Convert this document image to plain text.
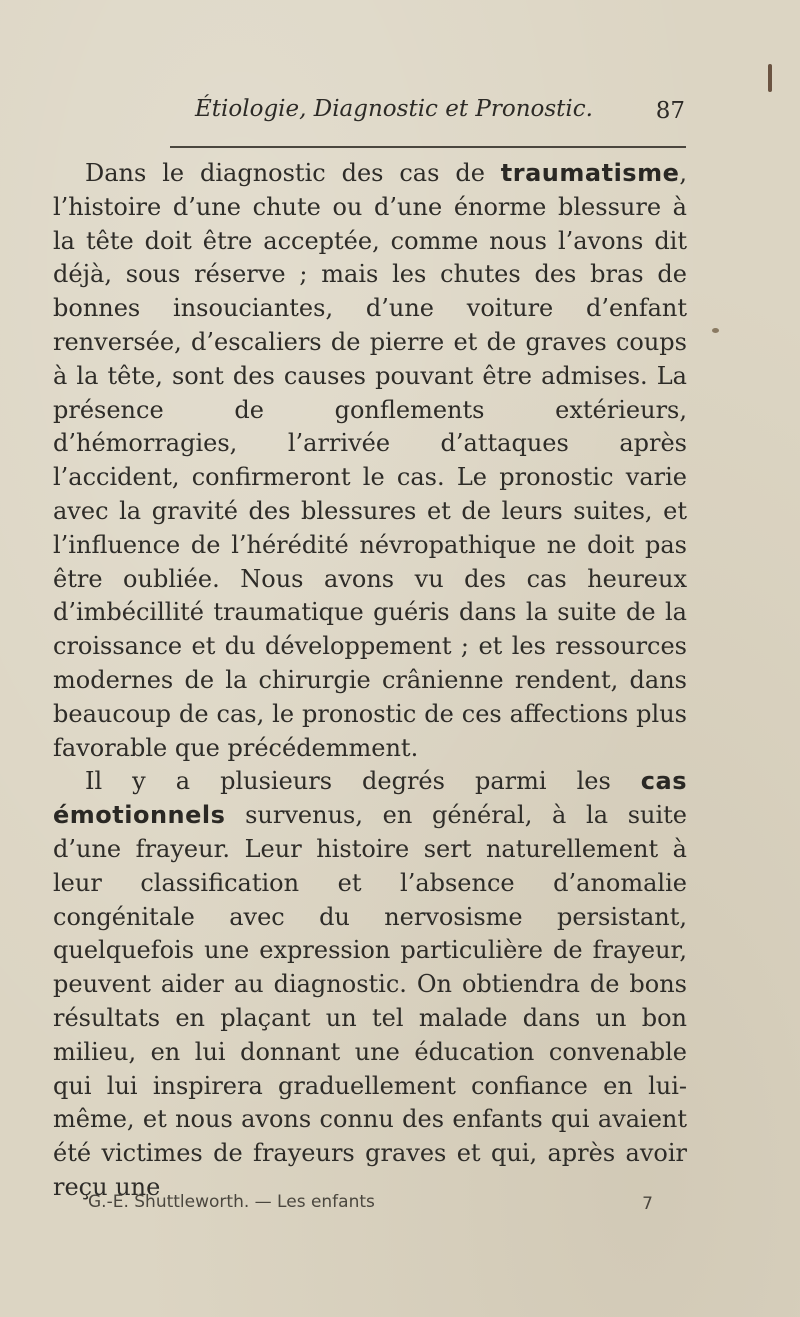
Étiologie, Diagnostic et Pronostic.	87

Dans le diagnostic des cas de traumatisme, l’histoire d’une chute ou d’une énorme blessure à la tête doit être acceptée, comme nous l’avons dit déjà, sous réserve ; mais les chutes des bras de bonnes insouciantes, d’une voiture d’enfant renversée, d’escaliers de pierre et de graves coups à la tête, sont des causes pouvant être admises. La présence de gonflements extérieurs, d’hémorragies, l’arrivée d’attaques après l’accident, confirmeront le cas. Le pronostic varie avec la gravité des blessures et de leurs suites, et l’influence de l’hérédité névropathique ne doit pas être oubliée. Nous avons vu des cas heureux d’imbécillité traumatique guéris dans la suite de la croissance et du développement ; et les ressources modernes de la chirurgie crânienne rendent, dans beaucoup de cas, le pronostic de ces affections plus favorable que précédemment.

Il y a plusieurs degrés parmi les cas émotionnels survenus, en général, à la suite d’une frayeur. Leur histoire sert naturellement à leur classification et l’absence d’anomalie congénitale avec du nervosisme persistant, quelquefois une expression particulière de frayeur, peuvent aider au diagnostic. On obtiendra de bons résultats en plaçant un tel malade dans un bon milieu, en lui donnant une éducation convenable qui lui inspirera graduellement confiance en lui-même, et nous avons connu des enfants qui avaient été victimes de frayeurs graves et qui, après avoir reçu une

G.-E. Shuttleworth. — Les enfants	7
